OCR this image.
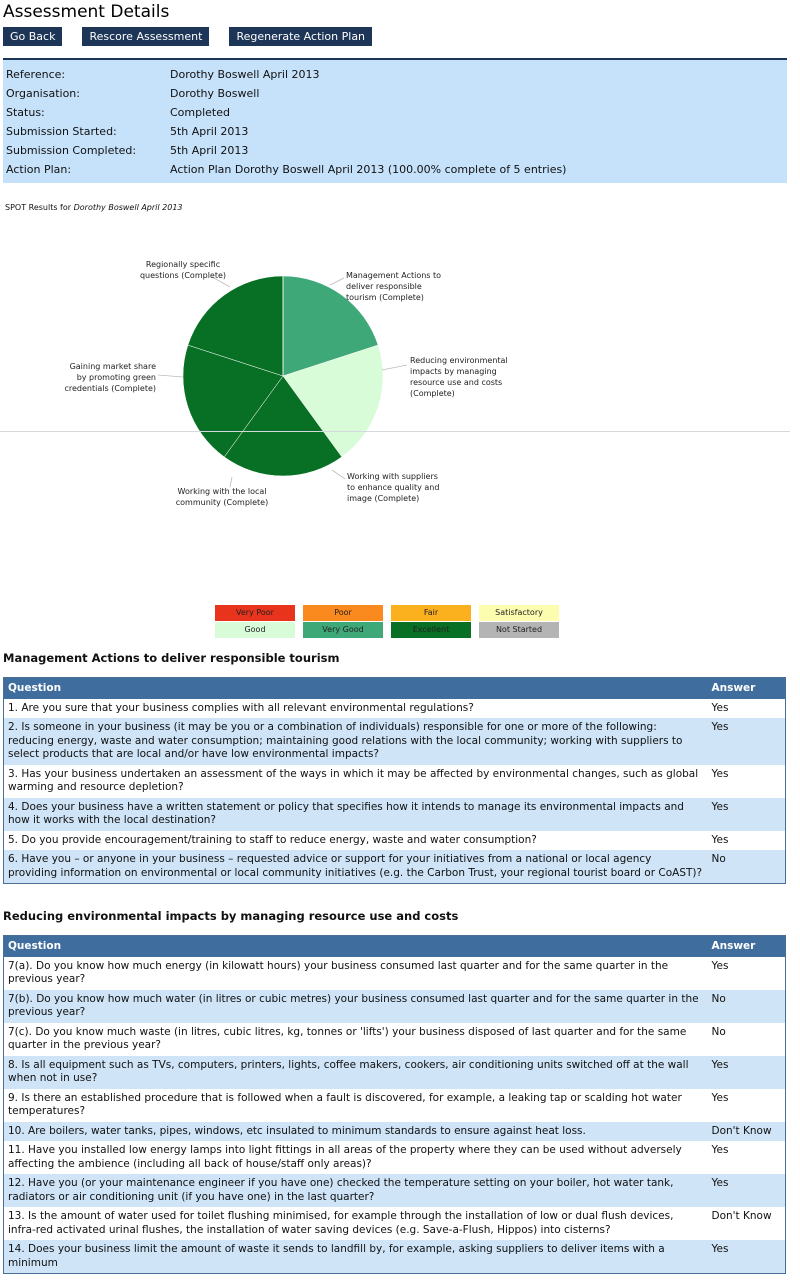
Assessment Details
Go Back	Rescore Assessment	Regenerate Action Plan
Reference:	Dorothy Boswell April 2013
Organisation:	Dorothy Boswell
Status:	Completed
Submission Started:	5th April 2013
Submission Completed:	5th April 2013
Action Plan:	Action Plan Dorothy Boswell April 2013 (100.00% complete of 5 entries)
SPOT Results for Dorothy Boswell April 2013
Management Actions to deliver responsible tourism (Complete)
Reducing environmental impacts by managing resource use and costs (Complete)
Working with suppliers to enhance quality and image (Complete)
Working with the local community (Complete)
Gaining market share by promoting green credentials (Complete)
Regionally specific questions (Complete)
Very Poor	Poor	Fair	Satisfactory
Good	Very Good	Excellent	Not Started
Management Actions to deliver responsible tourism
Question	Answer
1. Are you sure that your business complies with all relevant environmental regulations?	Yes
2. Is someone in your business (it may be you or a combination of individuals) responsible for one or more of the following: reducing energy, waste and water consumption; maintaining good relations with the local community; working with suppliers to select products that are local and/or have low environmental impacts?	Yes
3. Has your business undertaken an assessment of the ways in which it may be affected by environmental changes, such as global warming and resource depletion?	Yes
4. Does your business have a written statement or policy that specifies how it intends to manage its environmental impacts and how it works with the local destination?	Yes
5. Do you provide encouragement/training to staff to reduce energy, waste and water consumption?	Yes
6. Have you – or anyone in your business – requested advice or support for your initiatives from a national or local agency providing information on environmental or local community initiatives (e.g. the Carbon Trust, your regional tourist board or CoAST)?	No
Reducing environmental impacts by managing resource use and costs
Question	Answer
7(a). Do you know how much energy (in kilowatt hours) your business consumed last quarter and for the same quarter in the previous year?	Yes
7(b). Do you know how much water (in litres or cubic metres) your business consumed last quarter and for the same quarter in the previous year?	No
7(c). Do you know much waste (in litres, cubic litres, kg, tonnes or 'lifts') your business disposed of last quarter and for the same quarter in the previous year?	No
8. Is all equipment such as TVs, computers, printers, lights, coffee makers, cookers, air conditioning units switched off at the wall when not in use?	Yes
9. Is there an established procedure that is followed when a fault is discovered, for example, a leaking tap or scalding hot water temperatures?	Yes
10. Are boilers, water tanks, pipes, windows, etc insulated to minimum standards to ensure against heat loss.	Don't Know
11. Have you installed low energy lamps into light fittings in all areas of the property where they can be used without adversely affecting the ambience (including all back of house/staff only areas)?	Yes
12. Have you (or your maintenance engineer if you have one) checked the temperature setting on your boiler, hot water tank, radiators or air conditioning unit (if you have one) in the last quarter?	Yes
13. Is the amount of water used for toilet flushing minimised, for example through the installation of low or dual flush devices, infra-red activated urinal flushes, the installation of water saving devices (e.g. Save-a-Flush, Hippos) into cisterns?	Don't Know
14. Does your business limit the amount of waste it sends to landfill by, for example, asking suppliers to deliver items with a minimum	Yes
